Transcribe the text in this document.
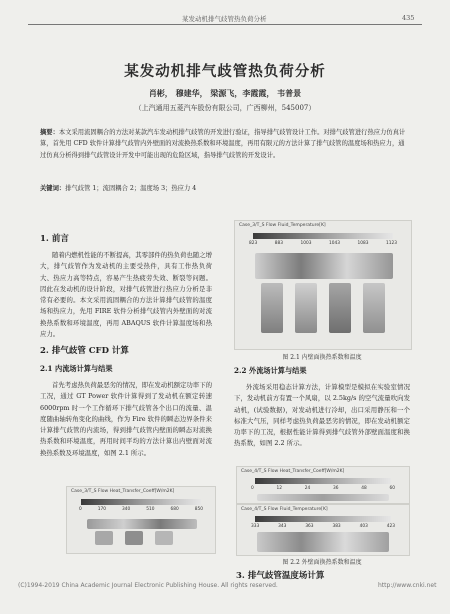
某发动机排气歧管热负荷分析	435
某发动机排气歧管热负荷分析
肖彬， 穆建华， 梁源飞，李霞霞， 韦普景
（上汽通用五菱汽车股份有限公司，广西柳州，545007）
摘要：本文采用流固耦合的方法对某款汽车发动机排气歧管的开发进行验证，指导排气歧管设计工作。对排气歧管进行热应力仿真计算，首先用 CFD 软件计算排气歧管内外壁面的对流换热系数和环境温度，再用有限元的方法计算了排气歧管的温度场和热应力，通过仿真分析得到排气歧管设计开发中可能出现的危险区域，指导排气歧管的开发设计。
关键词：排气歧管 1；流固耦合 2；温度场 3；热应力 4
1. 前言
随着内燃机性能的不断提高，其零部件的热负荷也随之增大，排气歧管作为发动机的主要受热件，具有工作热负荷大、热应力高等特点，容易产生热疲劳失效、断裂等问题。因此在发动机的设计阶段，对排气歧管进行热应力分析是非常有必要的。本文采用流固耦合的方法计算排气歧管的温度场和热应力，先用 FIRE 软件分析排气歧管内外壁面的对流换热系数和环境温度，再用 ABAQUS 软件计算温度场和热应力。
2. 排气歧管 CFD 计算
2.1 内流场计算与结果
首先考虑热负荷最恶劣的情况，即在发动机额定功率下的工况，通过 GT Power 软件计算得到了发动机在额定转速 6000rpm 时一个工作循环下排气歧管各个出口的流量、温度随曲轴转角变化的曲线，作为 Fire 软件的瞬态边界条件来计算排气歧管的内流场，得到排气歧管内壁面的瞬态对流换热系数和环境温度，再用时间平均的方法计算出内壁面对流换热系数及环境温度，如图 2.1 所示。
Case_3/T_S Flow Heat_Transfer_Coeff[W/m2K]
0	170	340	510	680	850
Case_3/T_S Flow Fluid_Temperature[K]
823	883	1003	1043	1083	1123
图 2.1 内壁面换热系数和温度
2.2 外流场计算与结果
外流场采用稳态计算方法，计算模型是模拟在实验室情况下，发动机前方有置一个风扇，以 2.5kg/s 的空气流量吹向发动机，(试验数据)，对发动机进行冷却，出口采用静压和一个标准大气压，同样考虑热负荷最恶劣的情况，即在发动机额定功率下的工况，根据性能计算得到排气歧管外部壁面温度和换热系数，如图 2.2 所示。
Case_4/T_S Flow Heat_Transfer_Coeff[W/m2K]
0	12	24	36	48	60
Case_4/T_S Flow Fluid_Temperature[K]
333	343	363	383	403	423
图 2.2 外壁面换热系数和温度
3. 排气歧管温度场计算
(C)1994-2019 China Academic Journal Electronic Publishing House. All rights reserved.	http://www.cnki.net
